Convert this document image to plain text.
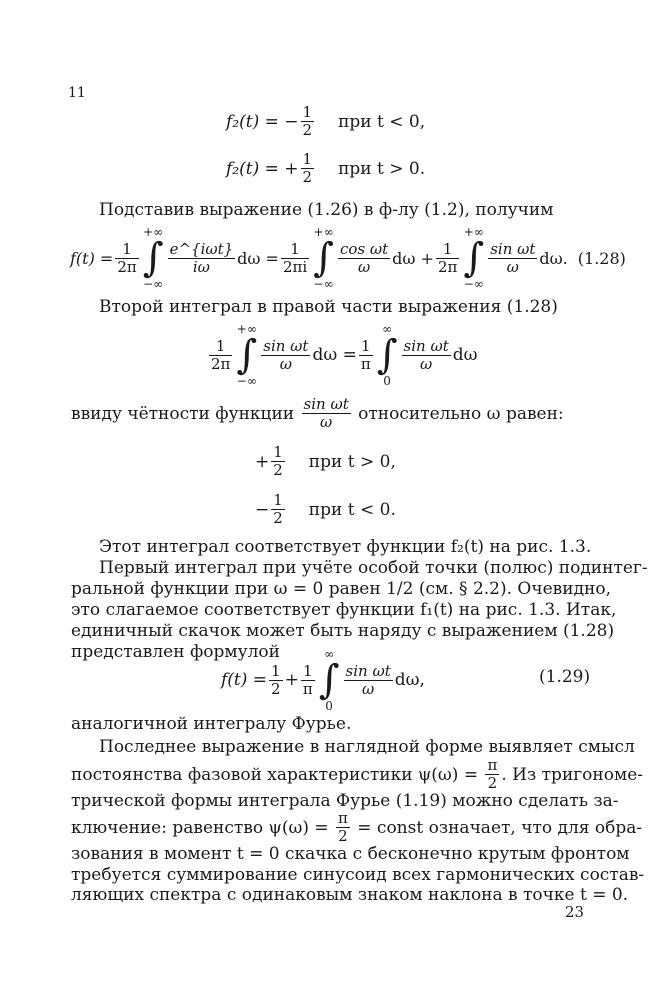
11
f₂(t)
= − $\frac{1}{2}$ при t < 0,
f₂(t)
= + $\frac{1}{2}$ при t > 0.
Подставив выражение (1.26) в ф-лу (1.2), получим
$f(t) = \frac{1}{2\pi}$
+∞
∫
−∞
$\frac{\text{e\textasciicircum{}\{iωt\}}}{i\omega}$ $d\omega = \frac{1}{2\pi i}$
+∞
∫
−∞
$\frac{\text{cos ωt}}{\omega}$ $d\omega + \frac{1}{2\pi}$
+∞
∫
−∞
$\frac{\text{sin ωt}}{\omega} d\omega$. (1.28)
Второй интеграл в правой части выражения (1.28)
$\frac{1}{2\pi}$
+∞
∫
−∞
$\frac{\text{sin ωt}}{\omega}$ $d\omega = \frac{1}{\pi}$
∞
∫
0
$\frac{\text{sin ωt}}{\omega}$ dω
ввиду чётности функции
$\frac{\text{sin ωt}}{\omega}$
относительно ω равен:
+ $\frac{1}{2}$ при t > 0,
− $\frac{1}{2}$ при t < 0.
Этот интеграл соответствует функции f₂(t) на рис. 1.3.
Первый интеграл при учёте особой точки (полюс) подинтег-
ральной функции при ω = 0 равен 1/2 (см. § 2.2). Очевидно,
это слагаемое соответствует функции f₁(t) на рис. 1.3. Итак,
единичный скачок может быть наряду с выражением (1.28)
представлен формулой
$f(t) = \frac{1}{2} + \frac{1}{\pi}$
∞
∫
0
$\frac{\text{sin ωt}}{\omega} d\omega$,	(1.29)
аналогичной интегралу Фурье.
Последнее выражение в наглядной форме выявляет смысл
постоянства фазовой характеристики ψ(ω) =
$\frac{\pi}{2}$ . Из тригономе-
трической формы интеграла Фурье (1.19) можно сделать за-
ключение: равенство ψ(ω) =
$\frac{\pi}{2}$
= const означает, что для обра-
зования в момент t = 0 скачка с бесконечно крутым фронтом
требуется суммирование синусоид всех гармонических состав-
ляющих спектра с одинаковым знаком наклона в точке t = 0.
23
